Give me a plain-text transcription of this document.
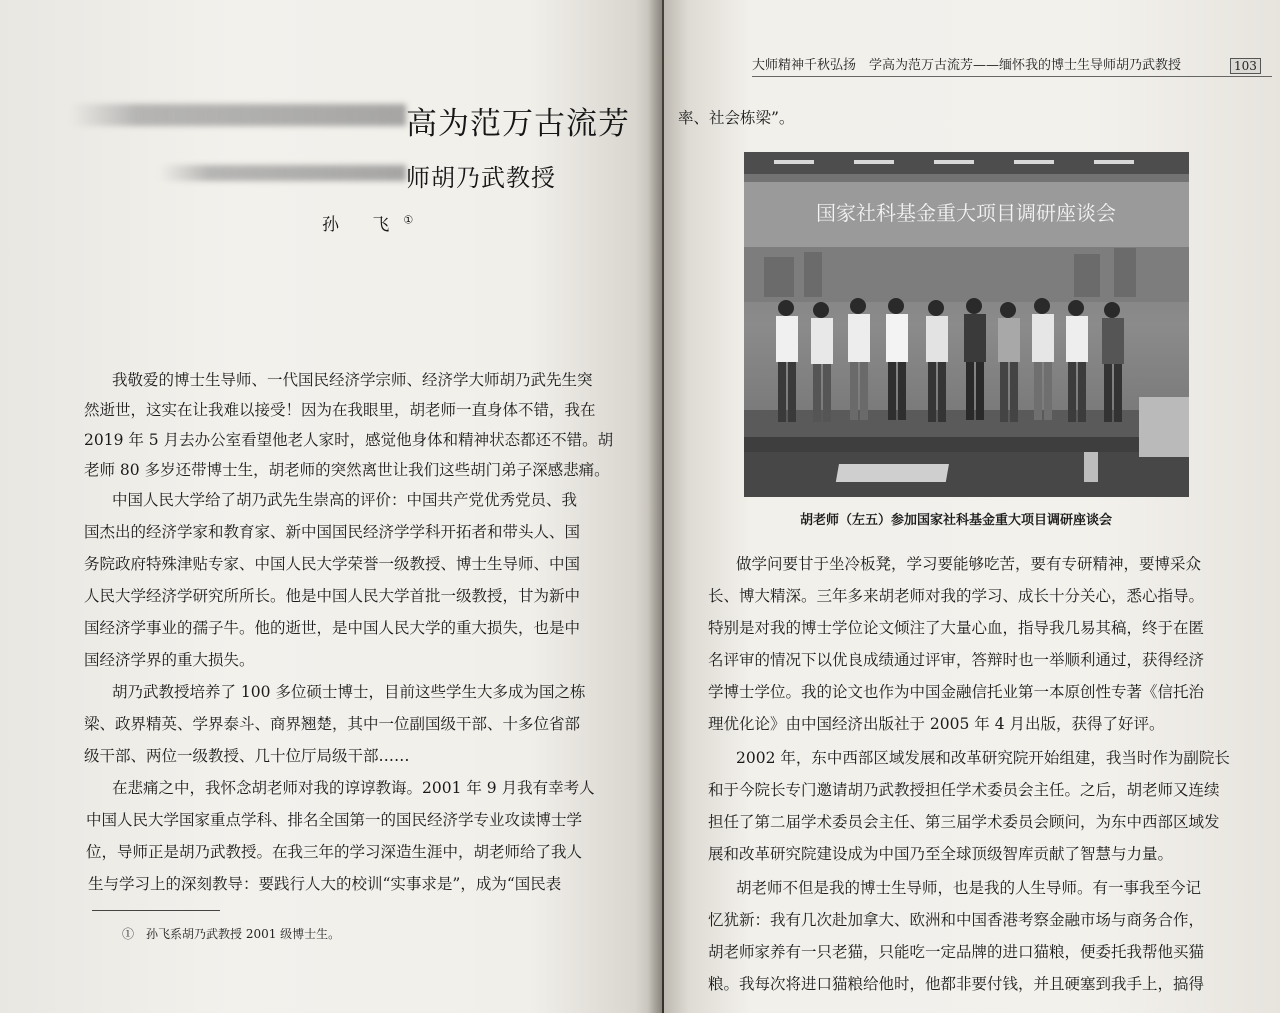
高为范万古流芳
师胡乃武教授
孙 飞①
我敬爱的博士生导师、一代国民经济学宗师、经济学大师胡乃武先生突
然逝世，这实在让我难以接受！因为在我眼里，胡老师一直身体不错，我在
2019 年 5 月去办公室看望他老人家时，感觉他身体和精神状态都还不错。胡
老师 80 多岁还带博士生，胡老师的突然离世让我们这些胡门弟子深感悲痛。
中国人民大学给了胡乃武先生崇高的评价：中国共产党优秀党员、我
国杰出的经济学家和教育家、新中国国民经济学学科开拓者和带头人、国
务院政府特殊津贴专家、中国人民大学荣誉一级教授、博士生导师、中国
人民大学经济学研究所所长。他是中国人民大学首批一级教授，甘为新中
国经济学事业的孺子牛。他的逝世，是中国人民大学的重大损失，也是中
国经济学界的重大损失。
胡乃武教授培养了 100 多位硕士博士，目前这些学生大多成为国之栋
梁、政界精英、学界泰斗、商界翘楚，其中一位副国级干部、十多位省部
级干部、两位一级教授、几十位厅局级干部……
在悲痛之中，我怀念胡老师对我的谆谆教诲。2001 年 9 月我有幸考人
中国人民大学国家重点学科、排名全国第一的国民经济学专业攻读博士学
位，导师正是胡乃武教授。在我三年的学习深造生涯中，胡老师给了我人
生与学习上的深刻教导：要践行人大的校训“实事求是”，成为“国民表
①　孙飞系胡乃武教授 2001 级博士生。
大师精神千秋弘扬　学高为范万古流芳——缅怀我的博士生导师胡乃武教授	103
率、社会栋梁”。
国家社科基金重大项目调研座谈会
胡老师（左五）参加国家社科基金重大项目调研座谈会
做学问要甘于坐冷板凳，学习要能够吃苦，要有专研精神，要博采众
长、博大精深。三年多来胡老师对我的学习、成长十分关心，悉心指导。
特别是对我的博士学位论文倾注了大量心血，指导我几易其稿，终于在匿
名评审的情况下以优良成绩通过评审，答辩时也一举顺利通过，获得经济
学博士学位。我的论文也作为中国金融信托业第一本原创性专著《信托治
理优化论》由中国经济出版社于 2005 年 4 月出版，获得了好评。
2002 年，东中西部区域发展和改革研究院开始组建，我当时作为副院长
和于今院长专门邀请胡乃武教授担任学术委员会主任。之后，胡老师又连续
担任了第二届学术委员会主任、第三届学术委员会顾问，为东中西部区域发
展和改革研究院建设成为中国乃至全球顶级智库贡献了智慧与力量。
胡老师不但是我的博士生导师，也是我的人生导师。有一事我至今记
忆犹新：我有几次赴加拿大、欧洲和中国香港考察金融市场与商务合作，
胡老师家养有一只老猫，只能吃一定品牌的进口猫粮，便委托我帮他买猫
粮。我每次将进口猫粮给他时，他都非要付钱，并且硬塞到我手上，搞得
